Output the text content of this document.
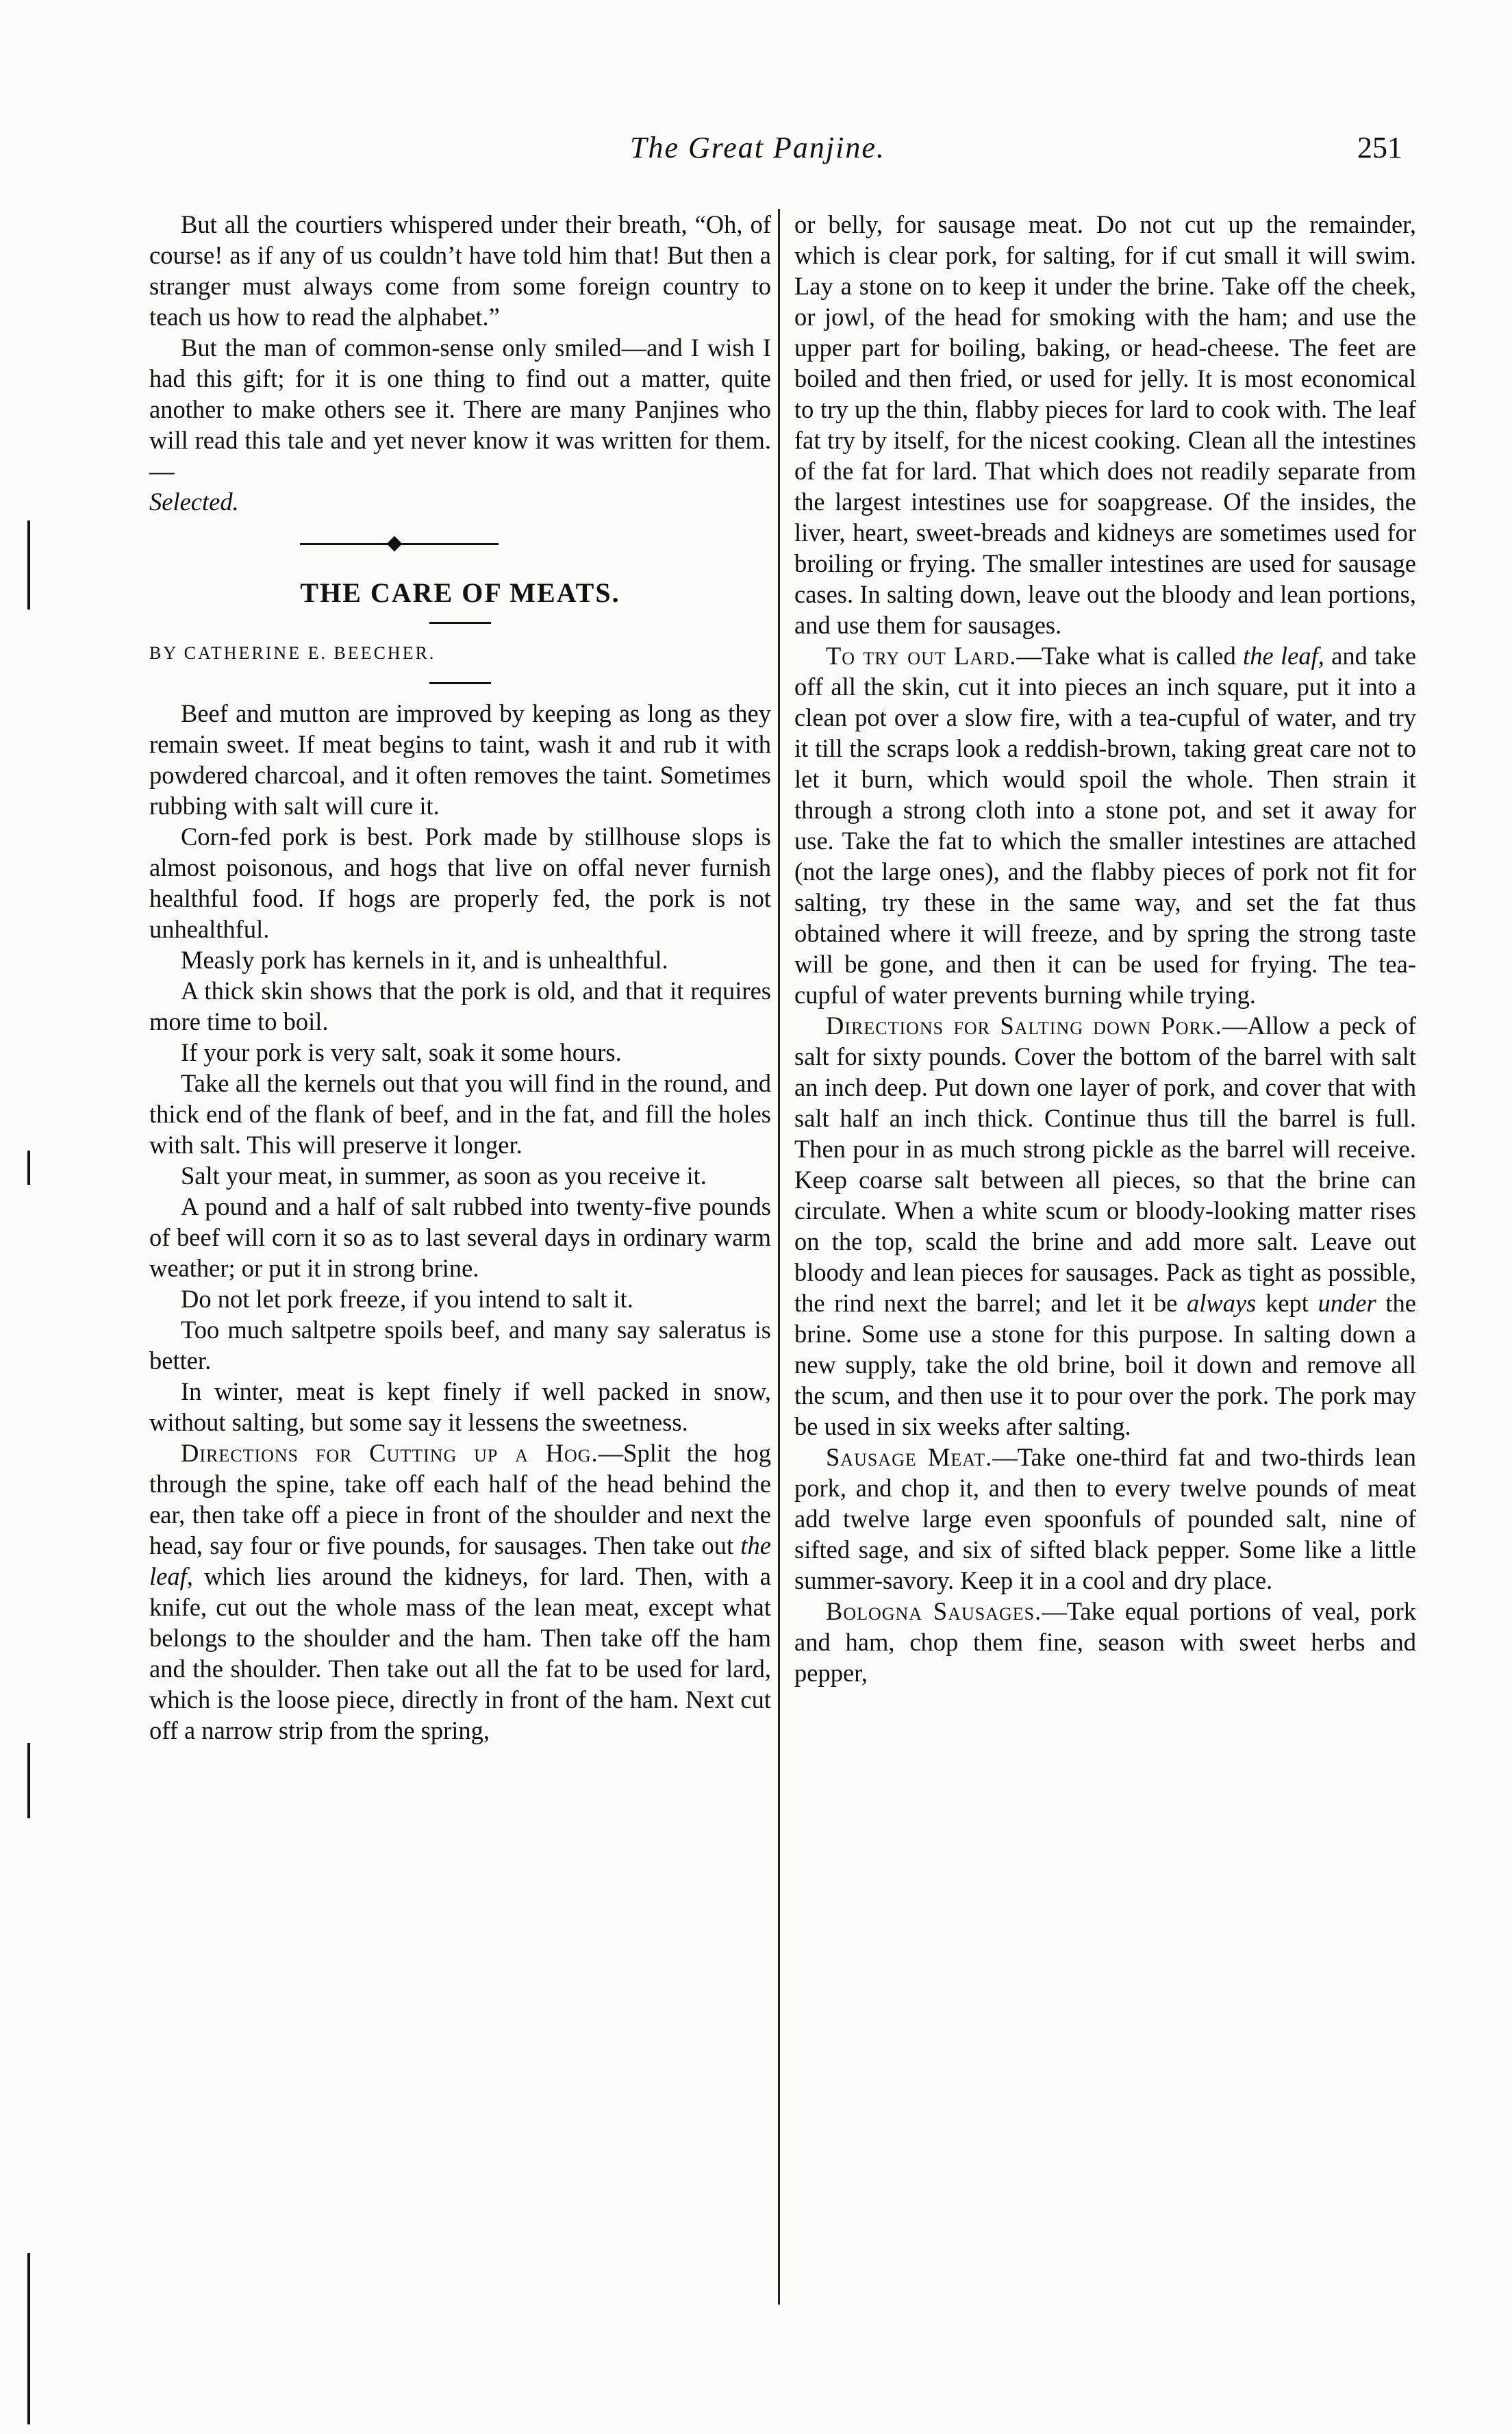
The Great Panjine.	251

But all the courtiers whispered under their breath, “Oh, of course! as if any of us couldn’t have told him that! But then a stranger must always come from some foreign country to teach us how to read the alphabet.”

But the man of common-sense only smiled—and I wish I had this gift; for it is one thing to find out a matter, quite another to make others see it. There are many Panjines who will read this tale and yet never know it was written for them.—

Selected.

THE CARE OF MEATS.

BY CATHERINE E. BEECHER.

Beef and mutton are improved by keeping as long as they remain sweet. If meat begins to taint, wash it and rub it with powdered charcoal, and it often removes the taint. Sometimes rubbing with salt will cure it.

Corn-fed pork is best. Pork made by stillhouse slops is almost poisonous, and hogs that live on offal never furnish healthful food. If hogs are properly fed, the pork is not unhealthful.

Measly pork has kernels in it, and is unhealthful.

A thick skin shows that the pork is old, and that it requires more time to boil.

If your pork is very salt, soak it some hours.

Take all the kernels out that you will find in the round, and thick end of the flank of beef, and in the fat, and fill the holes with salt. This will preserve it longer.

Salt your meat, in summer, as soon as you receive it.

A pound and a half of salt rubbed into twenty-five pounds of beef will corn it so as to last several days in ordinary warm weather; or put it in strong brine.

Do not let pork freeze, if you intend to salt it.

Too much saltpetre spoils beef, and many say saleratus is better.

In winter, meat is kept finely if well packed in snow, without salting, but some say it lessens the sweetness.

Directions for Cutting up a Hog.—Split the hog through the spine, take off each half of the head behind the ear, then take off a piece in front of the shoulder and next the head, say four or five pounds, for sausages. Then take out the leaf, which lies around the kidneys, for lard. Then, with a knife, cut out the whole mass of the lean meat, except what belongs to the shoulder and the ham. Then take off the ham and the shoulder. Then take out all the fat to be used for lard, which is the loose piece, directly in front of the ham. Next cut off a narrow strip from the spring,

or belly, for sausage meat. Do not cut up the remainder, which is clear pork, for salting, for if cut small it will swim. Lay a stone on to keep it under the brine. Take off the cheek, or jowl, of the head for smoking with the ham; and use the upper part for boiling, baking, or head-cheese. The feet are boiled and then fried, or used for jelly. It is most economical to try up the thin, flabby pieces for lard to cook with. The leaf fat try by itself, for the nicest cooking. Clean all the intestines of the fat for lard. That which does not readily separate from the largest intestines use for soapgrease. Of the insides, the liver, heart, sweet-breads and kidneys are sometimes used for broiling or frying. The smaller intestines are used for sausage cases. In salting down, leave out the bloody and lean portions, and use them for sausages.

To try out Lard.—Take what is called the leaf, and take off all the skin, cut it into pieces an inch square, put it into a clean pot over a slow fire, with a tea-cupful of water, and try it till the scraps look a reddish-brown, taking great care not to let it burn, which would spoil the whole. Then strain it through a strong cloth into a stone pot, and set it away for use. Take the fat to which the smaller intestines are attached (not the large ones), and the flabby pieces of pork not fit for salting, try these in the same way, and set the fat thus obtained where it will freeze, and by spring the strong taste will be gone, and then it can be used for frying. The tea-cupful of water prevents burning while trying.

Directions for Salting down Pork.—Allow a peck of salt for sixty pounds. Cover the bottom of the barrel with salt an inch deep. Put down one layer of pork, and cover that with salt half an inch thick. Continue thus till the barrel is full. Then pour in as much strong pickle as the barrel will receive. Keep coarse salt between all pieces, so that the brine can circulate. When a white scum or bloody-looking matter rises on the top, scald the brine and add more salt. Leave out bloody and lean pieces for sausages. Pack as tight as possible, the rind next the barrel; and let it be always kept under the brine. Some use a stone for this purpose. In salting down a new supply, take the old brine, boil it down and remove all the scum, and then use it to pour over the pork. The pork may be used in six weeks after salting.

Sausage Meat.—Take one-third fat and two-thirds lean pork, and chop it, and then to every twelve pounds of meat add twelve large even spoonfuls of pounded salt, nine of sifted sage, and six of sifted black pepper. Some like a little summer-savory. Keep it in a cool and dry place.

Bologna Sausages.—Take equal portions of veal, pork and ham, chop them fine, season with sweet herbs and pepper,
